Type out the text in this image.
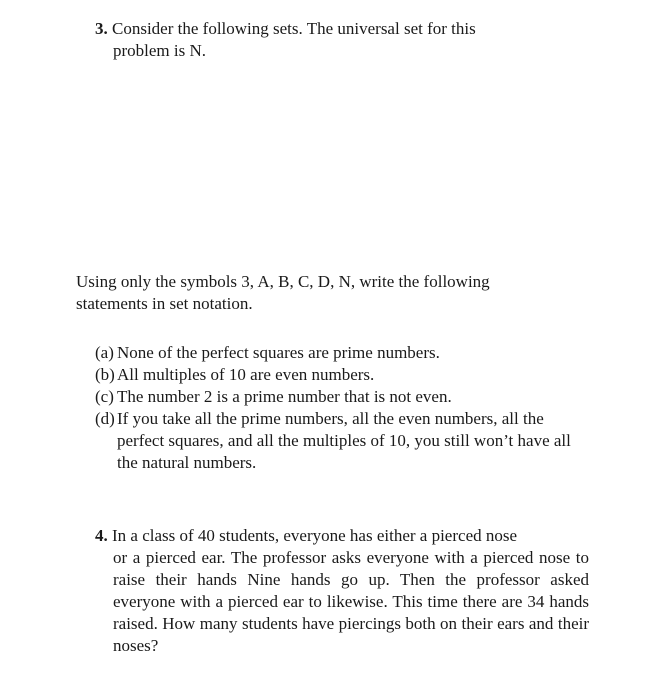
3. Consider the following sets. The universal set for this
problem is N.
Using only the symbols 3, A, B, C, D, N, write the following
statements in set notation.
(a) None of the perfect squares are prime numbers.
(b) All multiples of 10 are even numbers.
(c) The number 2 is a prime number that is not even.
(d) If you take all the prime numbers, all the even numbers, all the perfect squares, and all the multiples of 10, you still won’t have all the natural numbers.
4. In a class of 40 students, everyone has either a pierced nose
or a pierced ear. The professor asks everyone with a pierced nose to raise their hands Nine hands go up. Then the professor asked everyone with a pierced ear to likewise. This time there are 34 hands raised. How many students have piercings both on their ears and their noses?
